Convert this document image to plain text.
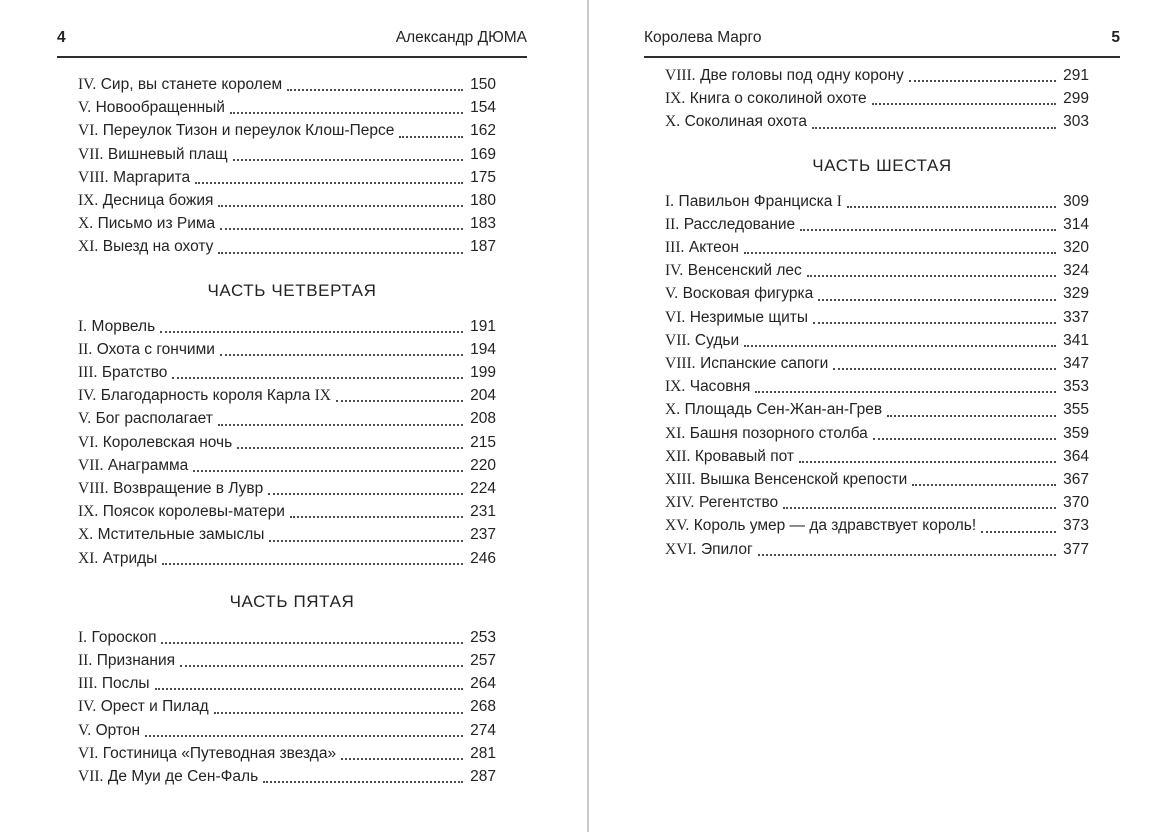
4	Александр ДЮМА
IV. Сир, вы станете королем	150
V. Новообращенный	154
VI. Переулок Тизон и переулок Клош-Персе	162
VII. Вишневый плащ	169
VIII. Маргарита	175
IX. Десница божия	180
X. Письмо из Рима	183
XI. Выезд на охоту	187
ЧАСТЬ ЧЕТВЕРТАЯ
I. Морвель	191
II. Охота с гончими	194
III. Братство	199
IV. Благодарность короля Карла IX	204
V. Бог располагает	208
VI. Королевская ночь	215
VII. Анаграмма	220
VIII. Возвращение в Лувр	224
IX. Поясок королевы-матери	231
X. Мстительные замыслы	237
XI. Атриды	246
ЧАСТЬ ПЯТАЯ
I. Гороскоп	253
II. Признания	257
III. Послы	264
IV. Орест и Пилад	268
V. Ортон	274
VI. Гостиница «Путеводная звезда»	281
VII. Де Муи де Сен-Фаль	287
Королева Марго	5
VIII. Две головы под одну корону	291
IX. Книга о соколиной охоте	299
X. Соколиная охота	303
ЧАСТЬ ШЕСТАЯ
I. Павильон Франциска I	309
II. Расследование	314
III. Актеон	320
IV. Венсенский лес	324
V. Восковая фигурка	329
VI. Незримые щиты	337
VII. Судьи	341
VIII. Испанские сапоги	347
IX. Часовня	353
X. Площадь Сен-Жан-ан-Грев	355
XI. Башня позорного столба	359
XII. Кровавый пот	364
XIII. Вышка Венсенской крепости	367
XIV. Регентство	370
XV. Король умер — да здравствует король!	373
XVI. Эпилог	377
